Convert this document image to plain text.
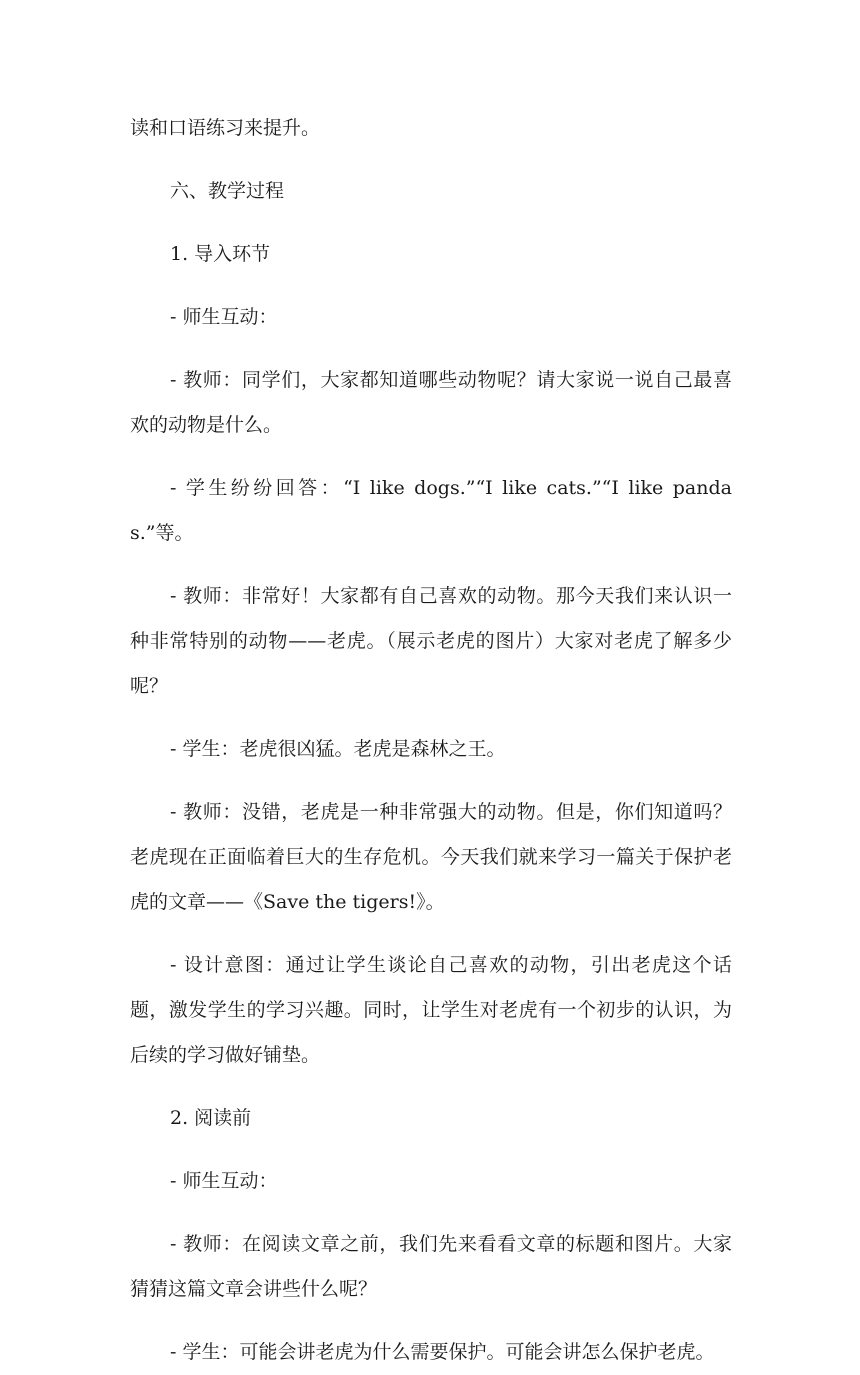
读和口语练习来提升。

六、教学过程

1. 导入环节

- 师生互动：

- 教师：同学们，大家都知道哪些动物呢？请大家说一说自己最喜欢的动物是什么。

- 学生纷纷回答：“I like dogs.”“I like cats.”“I like pandas.”等。

- 教师：非常好！大家都有自己喜欢的动物。那今天我们来认识一种非常特别的动物——老虎。（展示老虎的图片）大家对老虎了解多少呢？

- 学生：老虎很凶猛。老虎是森林之王。

- 教师：没错，老虎是一种非常强大的动物。但是，你们知道吗？老虎现在正面临着巨大的生存危机。今天我们就来学习一篇关于保护老虎的文章——《Save the tigers!》。

- 设计意图：通过让学生谈论自己喜欢的动物，引出老虎这个话题，激发学生的学习兴趣。同时，让学生对老虎有一个初步的认识，为后续的学习做好铺垫。

2. 阅读前

- 师生互动：

- 教师：在阅读文章之前，我们先来看看文章的标题和图片。大家猜猜这篇文章会讲些什么呢？

- 学生：可能会讲老虎为什么需要保护。可能会讲怎么保护老虎。
